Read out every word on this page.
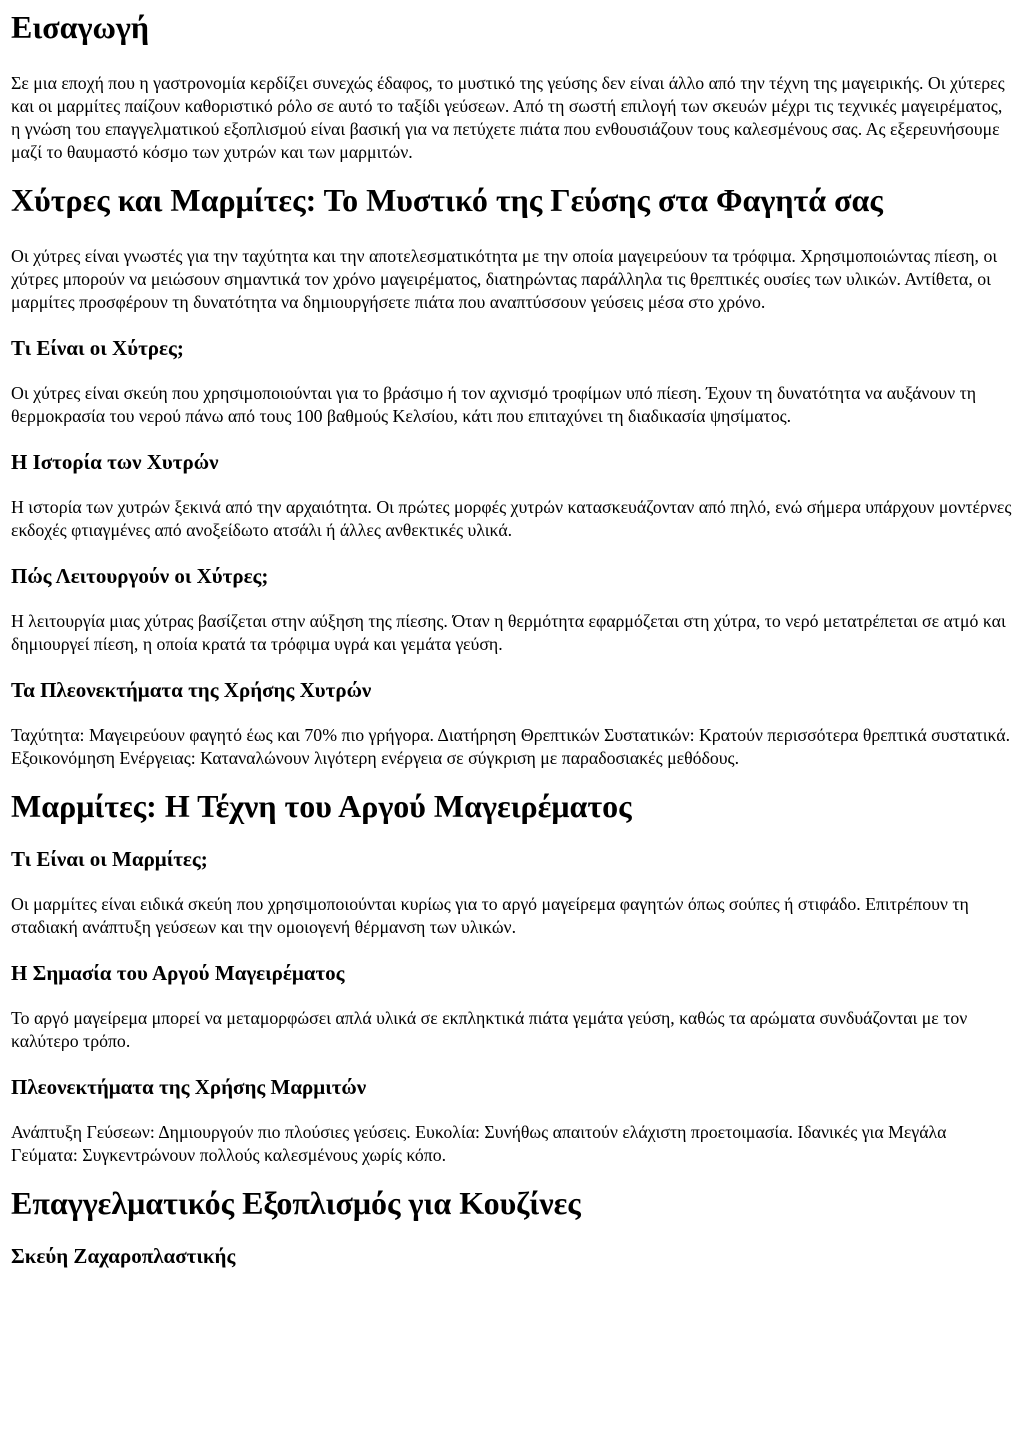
Εισαγωγή

Σε μια εποχή που η γαστρονομία κερδίζει συνεχώς έδαφος, το μυστικό της γεύσης δεν είναι άλλο από την τέχνη της μαγειρικής. Οι χύτερες και οι μαρμίτες παίζουν καθοριστικό ρόλο σε αυτό το ταξίδι γεύσεων. Από τη σωστή επιλογή των σκευών μέχρι τις τεχνικές μαγειρέματος, η γνώση του επαγγελματικού εξοπλισμού είναι βασική για να πετύχετε πιάτα που ενθουσιάζουν τους καλεσμένους σας. Ας εξερευνήσουμε μαζί το θαυμαστό κόσμο των χυτρών και των μαρμιτών.

Χύτρες και Μαρμίτες: Το Μυστικό της Γεύσης στα Φαγητά σας

Οι χύτρες είναι γνωστές για την ταχύτητα και την αποτελεσματικότητα με την οποία μαγειρεύουν τα τρόφιμα. Χρησιμοποιώντας πίεση, οι χύτρες μπορούν να μειώσουν σημαντικά τον χρόνο μαγειρέματος, διατηρώντας παράλληλα τις θρεπτικές ουσίες των υλικών. Αντίθετα, οι μαρμίτες προσφέρουν τη δυνατότητα να δημιουργήσετε πιάτα που αναπτύσσουν γεύσεις μέσα στο χρόνο.

Τι Είναι οι Χύτρες;

Οι χύτρες είναι σκεύη που χρησιμοποιούνται για το βράσιμο ή τον αχνισμό τροφίμων υπό πίεση. Έχουν τη δυνατότητα να αυξάνουν τη θερμοκρασία του νερού πάνω από τους 100 βαθμούς Κελσίου, κάτι που επιταχύνει τη διαδικασία ψησίματος.

Η Ιστορία των Χυτρών

Η ιστορία των χυτρών ξεκινά από την αρχαιότητα. Οι πρώτες μορφές χυτρών κατασκευάζονταν από πηλό, ενώ σήμερα υπάρχουν μοντέρνες εκδοχές φτιαγμένες από ανοξείδωτο ατσάλι ή άλλες ανθεκτικές υλικά.

Πώς Λειτουργούν οι Χύτρες;

Η λειτουργία μιας χύτρας βασίζεται στην αύξηση της πίεσης. Όταν η θερμότητα εφαρμόζεται στη χύτρα, το νερό μετατρέπεται σε ατμό και δημιουργεί πίεση, η οποία κρατά τα τρόφιμα υγρά και γεμάτα γεύση.

Τα Πλεονεκτήματα της Χρήσης Χυτρών

Ταχύτητα: Μαγειρεύουν φαγητό έως και 70% πιο γρήγορα. Διατήρηση Θρεπτικών Συστατικών: Κρατούν περισσότερα θρεπτικά συστατικά. Εξοικονόμηση Ενέργειας: Καταναλώνουν λιγότερη ενέργεια σε σύγκριση με παραδοσιακές μεθόδους.

Μαρμίτες: Η Τέχνη του Αργού Μαγειρέματος
Τι Είναι οι Μαρμίτες;

Οι μαρμίτες είναι ειδικά σκεύη που χρησιμοποιούνται κυρίως για το αργό μαγείρεμα φαγητών όπως σούπες ή στιφάδο. Επιτρέπουν τη σταδιακή ανάπτυξη γεύσεων και την ομοιογενή θέρμανση των υλικών.

Η Σημασία του Αργού Μαγειρέματος

Το αργό μαγείρεμα μπορεί να μεταμορφώσει απλά υλικά σε εκπληκτικά πιάτα γεμάτα γεύση, καθώς τα αρώματα συνδυάζονται με τον καλύτερο τρόπο.

Πλεονεκτήματα της Χρήσης Μαρμιτών

Ανάπτυξη Γεύσεων: Δημιουργούν πιο πλούσιες γεύσεις. Ευκολία: Συνήθως απαιτούν ελάχιστη προετοιμασία. Ιδανικές για Μεγάλα Γεύματα: Συγκεντρώνουν πολλούς καλεσμένους χωρίς κόπο.

Επαγγελματικός Εξοπλισμός για Κουζίνες
Σκεύη Ζαχαροπλαστικής
